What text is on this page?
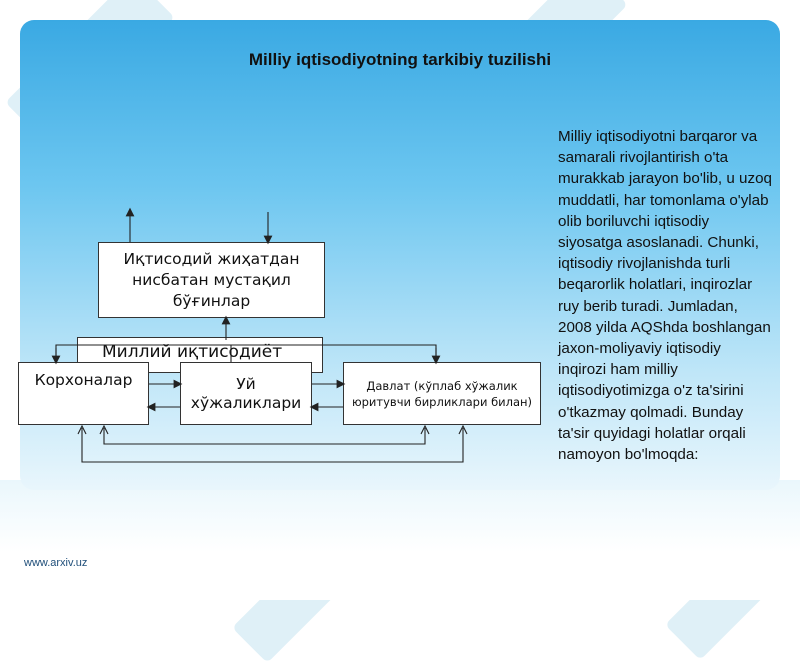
Milliy iqtisodiyotning tarkibiy tuzilishi
Milliy iqtisodiyotni barqaror va samarali rivojlantirish o'ta murakkab jarayon bo'lib, u uzoq muddatli, har tomonlama o'ylab olib boriluvchi iqtisodiy siyosatga asoslanadi. Chunki, iqtisodiy rivojlanishda turli beqarorlik holatlari, inqirozlar ruy berib turadi. Jumladan, 2008 yilda AQShda boshlangan jaxon-moliyaviy iqtisodiy inqirozi ham milliy iqtisodiyotimizga o'z ta'sirini o'tkazmay qolmadi. Bunday ta'sir quyidagi holatlar orqali namoyon bo'lmoqda:
Миллий иқтисодиёт
Иқтисодий жиҳатдан нисбатан мустақил бўғинлар
Корхоналар	Уй хўжаликлари
Давлат (кўплаб хўжалик юритувчи бирликлари билан)
www.arxiv.uz
